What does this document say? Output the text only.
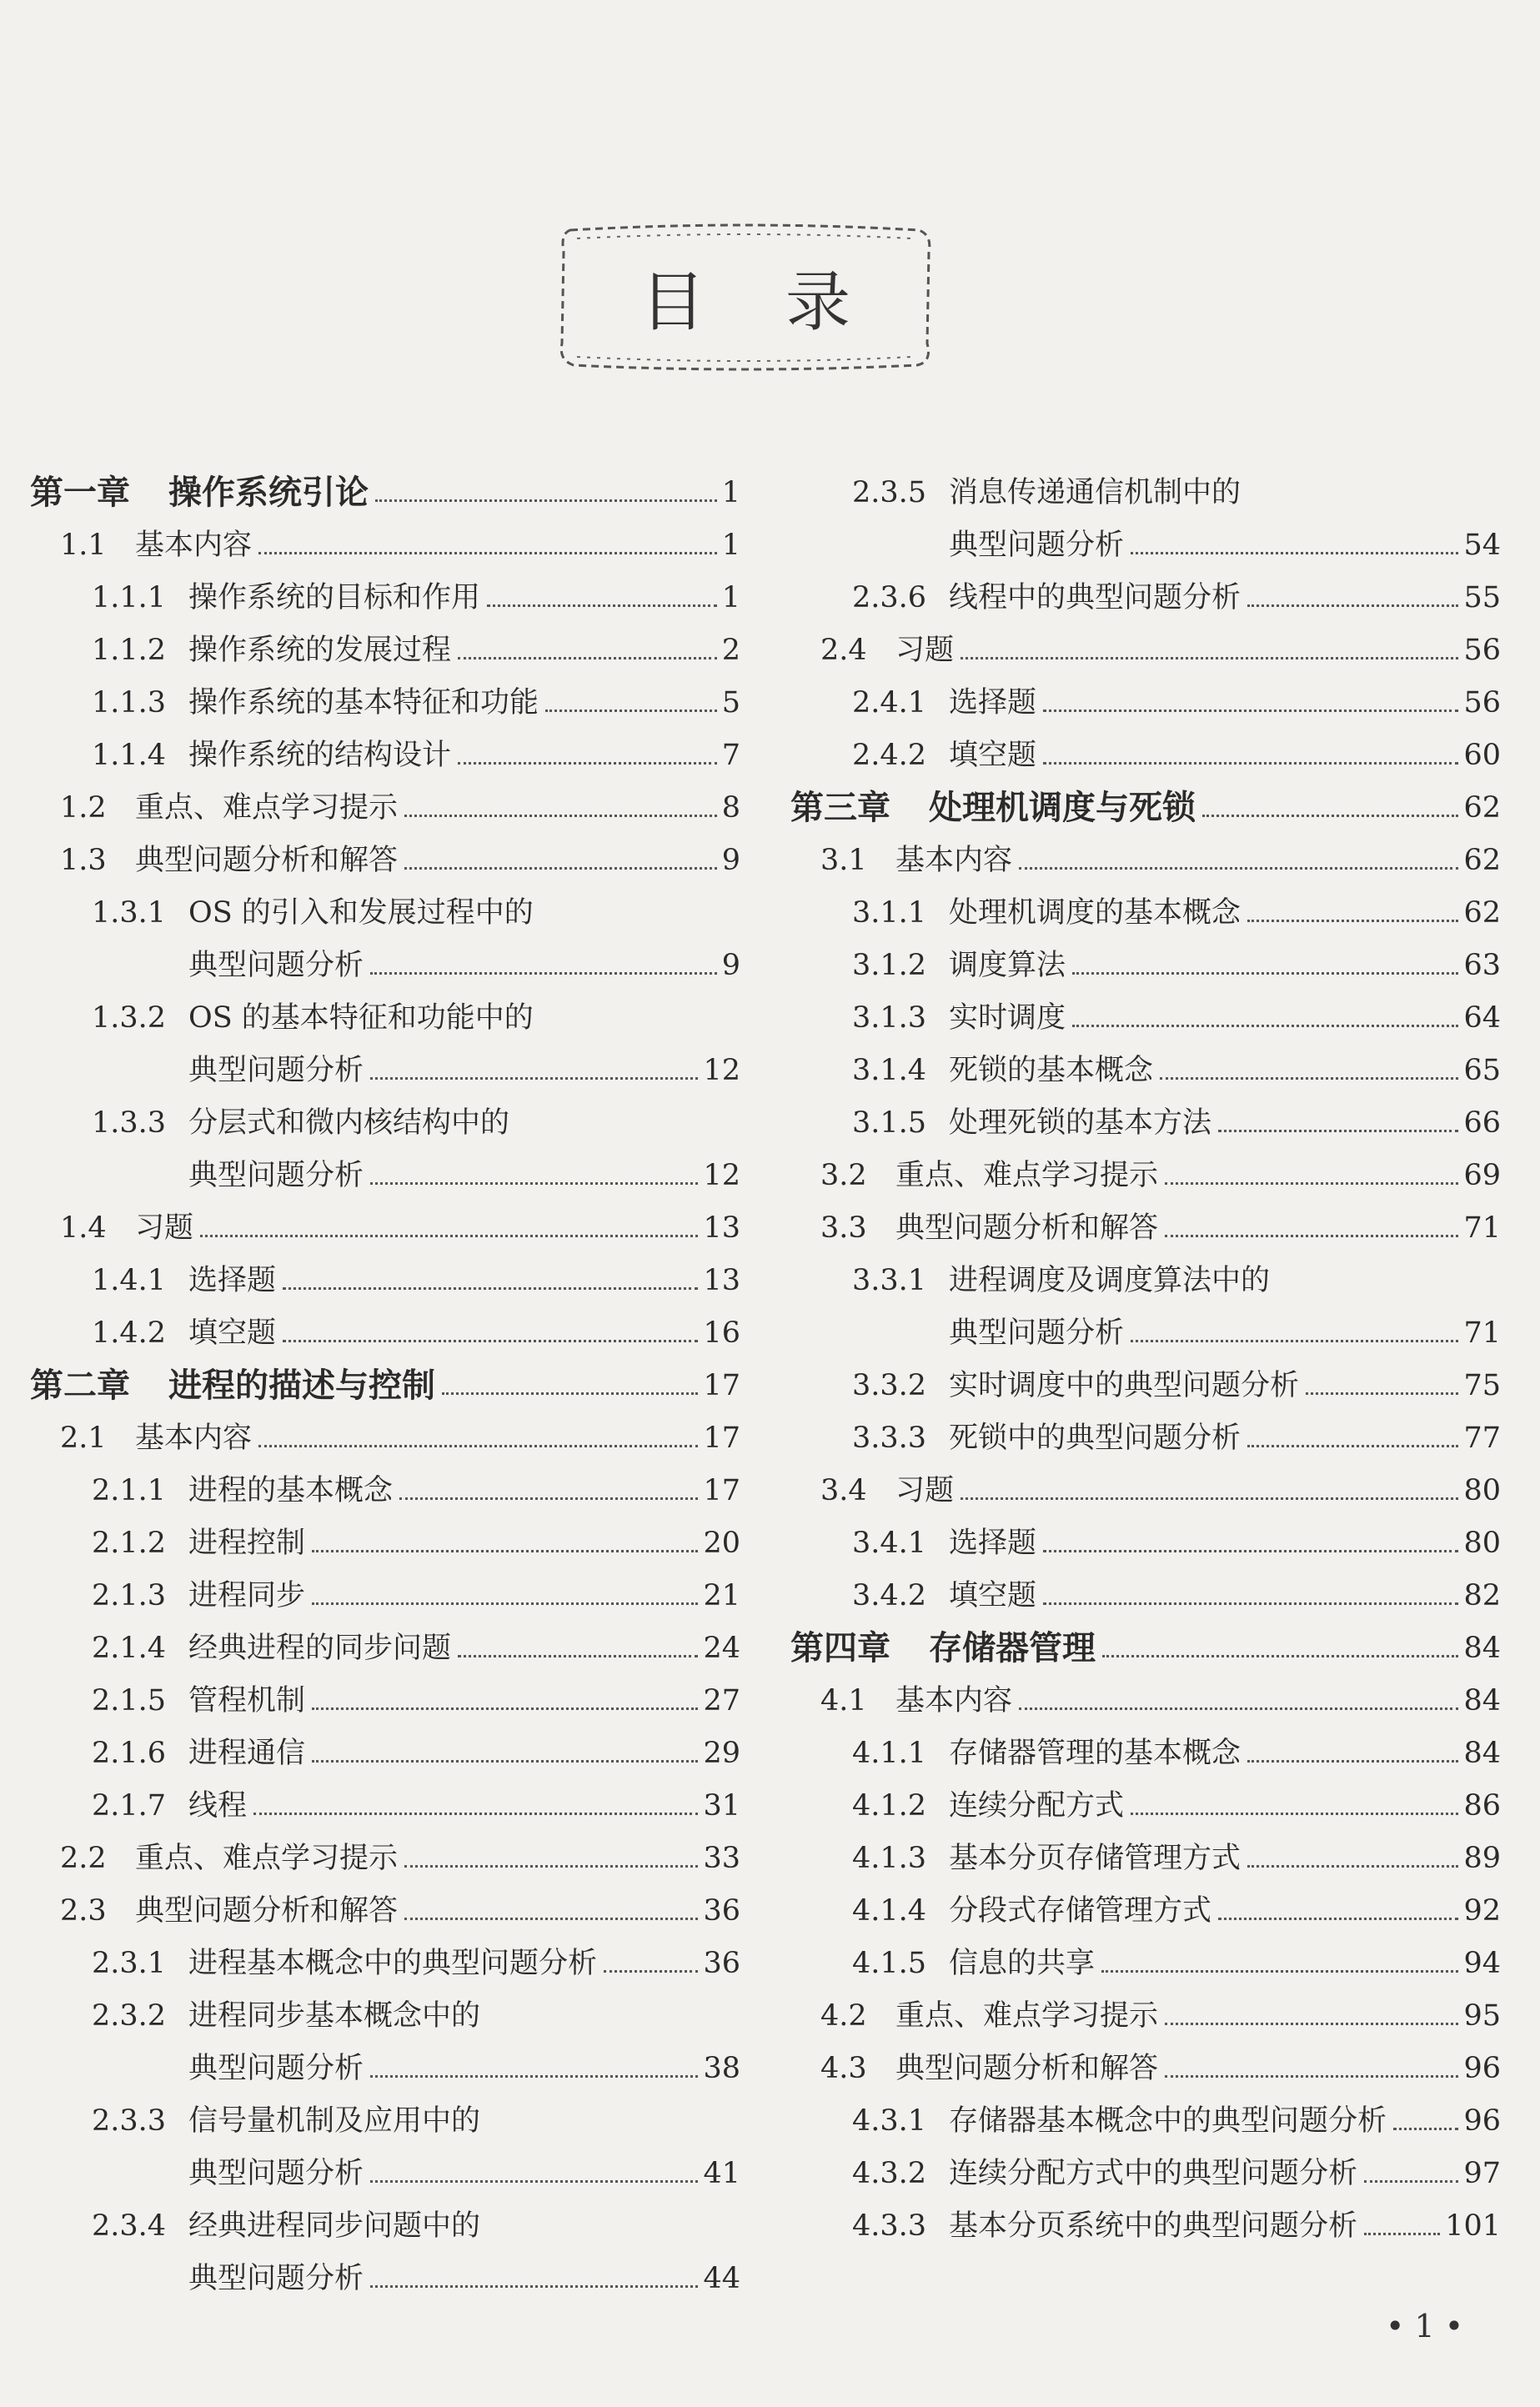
目 录
第一章 操作系统引论	1
1.1 基本内容	1
1.1.1 操作系统的目标和作用	1
1.1.2 操作系统的发展过程	2
1.1.3 操作系统的基本特征和功能	5
1.1.4 操作系统的结构设计	7
1.2 重点、难点学习提示	8
1.3 典型问题分析和解答	9
1.3.1 OS 的引入和发展过程中的
典型问题分析	9
1.3.2 OS 的基本特征和功能中的
典型问题分析	12
1.3.3 分层式和微内核结构中的
典型问题分析	12
1.4 习题	13
1.4.1 选择题	13
1.4.2 填空题	16
第二章 进程的描述与控制	17
2.1 基本内容	17
2.1.1 进程的基本概念	17
2.1.2 进程控制	20
2.1.3 进程同步	21
2.1.4 经典进程的同步问题	24
2.1.5 管程机制	27
2.1.6 进程通信	29
2.1.7 线程	31
2.2 重点、难点学习提示	33
2.3 典型问题分析和解答	36
2.3.1 进程基本概念中的典型问题分析	36
2.3.2 进程同步基本概念中的
典型问题分析	38
2.3.3 信号量机制及应用中的
典型问题分析	41
2.3.4 经典进程同步问题中的
典型问题分析	44
2.3.5 消息传递通信机制中的
典型问题分析	54
2.3.6 线程中的典型问题分析	55
2.4 习题	56
2.4.1 选择题	56
2.4.2 填空题	60
第三章 处理机调度与死锁	62
3.1 基本内容	62
3.1.1 处理机调度的基本概念	62
3.1.2 调度算法	63
3.1.3 实时调度	64
3.1.4 死锁的基本概念	65
3.1.5 处理死锁的基本方法	66
3.2 重点、难点学习提示	69
3.3 典型问题分析和解答	71
3.3.1 进程调度及调度算法中的
典型问题分析	71
3.3.2 实时调度中的典型问题分析	75
3.3.3 死锁中的典型问题分析	77
3.4 习题	80
3.4.1 选择题	80
3.4.2 填空题	82
第四章 存储器管理	84
4.1 基本内容	84
4.1.1 存储器管理的基本概念	84
4.1.2 连续分配方式	86
4.1.3 基本分页存储管理方式	89
4.1.4 分段式存储管理方式	92
4.1.5 信息的共享	94
4.2 重点、难点学习提示	95
4.3 典型问题分析和解答	96
4.3.1 存储器基本概念中的典型问题分析	96
4.3.2 连续分配方式中的典型问题分析	97
4.3.3 基本分页系统中的典型问题分析	101
• 1 •
